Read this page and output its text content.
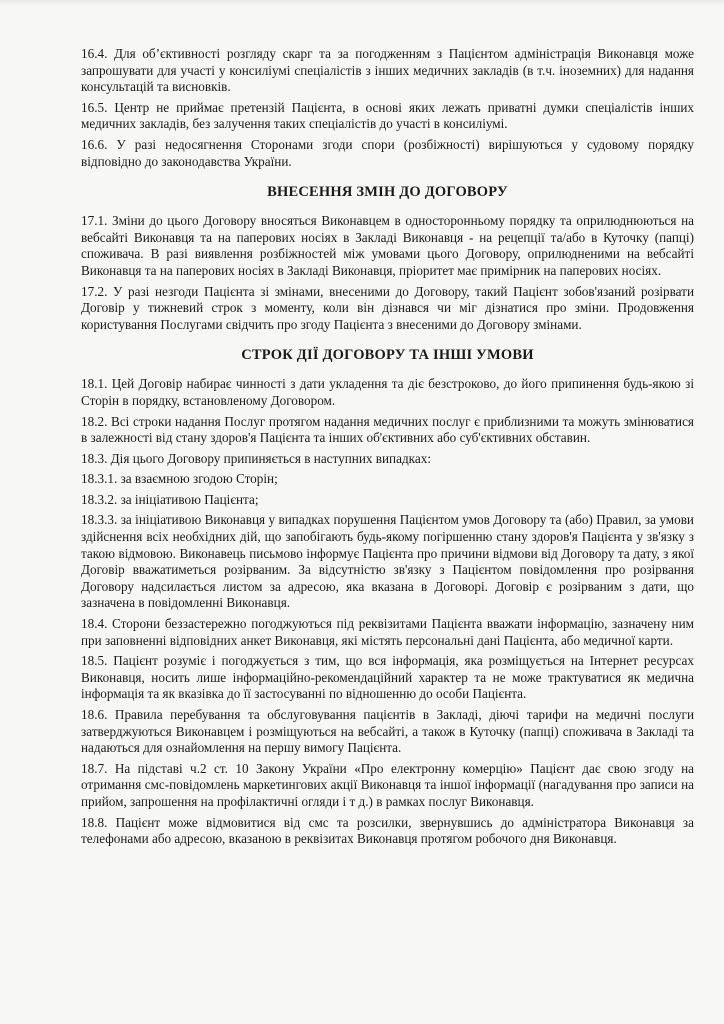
16.4. Для об’єктивності розгляду скарг та за погодженням з Пацієнтом адміністрація Виконавця може запрошувати для участі у консиліумі спеціалістів з інших медичних закладів (в т.ч. іноземних) для надання консультацій та висновків.

16.5. Центр не приймає претензій Пацієнта, в основі яких лежать приватні думки спеціалістів інших медичних закладів, без залучення таких спеціалістів до участі в консиліумі.

16.6. У разі недосягнення Сторонами згоди спори (розбіжності) вирішуються у судовому порядку відповідно до законодавства України.

ВНЕСЕННЯ ЗМІН ДО ДОГОВОРУ

17.1. Зміни до цього Договору вносяться Виконавцем в односторонньому порядку та оприлюднюються на вебсайті Виконавця та на паперових носіях в Закладі Виконавця - на рецепції та/або в Куточку (папці) споживача. В разі виявлення розбіжностей між умовами цього Договору, оприлюдненими на вебсайті Виконавця та на паперових носіях в Закладі Виконавця, пріоритет має примірник на паперових носіях.

17.2. У разі незгоди Пацієнта зі змінами, внесеними до Договору, такий Пацієнт зобов'язаний розірвати Договір у тижневий строк з моменту, коли він дізнався чи міг дізнатися про зміни. Продовження користування Послугами свідчить про згоду Пацієнта з внесеними до Договору змінами.

СТРОК ДІЇ ДОГОВОРУ ТА ІНШІ УМОВИ

18.1. Цей Договір набирає чинності з дати укладення та діє безстроково, до його припинення будь-якою зі Сторін в порядку, встановленому Договором.

18.2. Всі строки надання Послуг протягом надання медичних послуг є приблизними та можуть змінюватися в залежності від стану здоров'я Пацієнта та інших об'єктивних або суб'єктивних обставин.

18.3. Дія цього Договору припиняється в наступних випадках:

18.3.1. за взаємною згодою Сторін;

18.3.2. за ініціативою Пацієнта;

18.3.3. за ініціативою Виконавця у випадках порушення Пацієнтом умов Договору та (або) Правил, за умови здійснення всіх необхідних дій, що запобігають будь-якому погіршенню стану здоров'я Пацієнта у зв'язку з такою відмовою. Виконавець письмово інформує Пацієнта про причини відмови від Договору та дату, з якої Договір вважатиметься розірваним. За відсутністю зв'язку з Пацієнтом повідомлення про розірвання Договору надсилається листом за адресою, яка вказана в Договорі. Договір є розірваним з дати, що зазначена в повідомленні Виконавця.

18.4. Сторони беззастережно погоджуються під реквізитами Пацієнта вважати інформацію, зазначену ним при заповненні відповідних анкет Виконавця, які містять персональні дані Пацієнта, або медичної карти.

18.5. Пацієнт розуміє і погоджується з тим, що вся інформація, яка розміщується на Інтернет ресурсах Виконавця, носить лише інформаційно-рекомендаційний характер та не може трактуватися як медична інформація та як вказівка до її застосуванні по відношенню до особи Пацієнта.

18.6. Правила перебування та обслуговування пацієнтів в Закладі, діючі тарифи на медичні послуги затверджуються Виконавцем і розміщуються на вебсайті, а також в Куточку (папці) споживача в Закладі та надаються для ознайомлення на першу вимогу Пацієнта.

18.7. На підставі ч.2 ст. 10 Закону України «Про електронну комерцію» Пацієнт дає свою згоду на отримання смс-повідомлень маркетингових акції Виконавця та іншої інформації (нагадування про записи на прийом, запрошення на профілактичні огляди і т д.) в рамках послуг Виконавця.

18.8. Пацієнт може відмовитися від смс та розсилки, звернувшись до адміністратора Виконавця за телефонами або адресою, вказаною в реквізитах Виконавця протягом робочого дня Виконавця.
